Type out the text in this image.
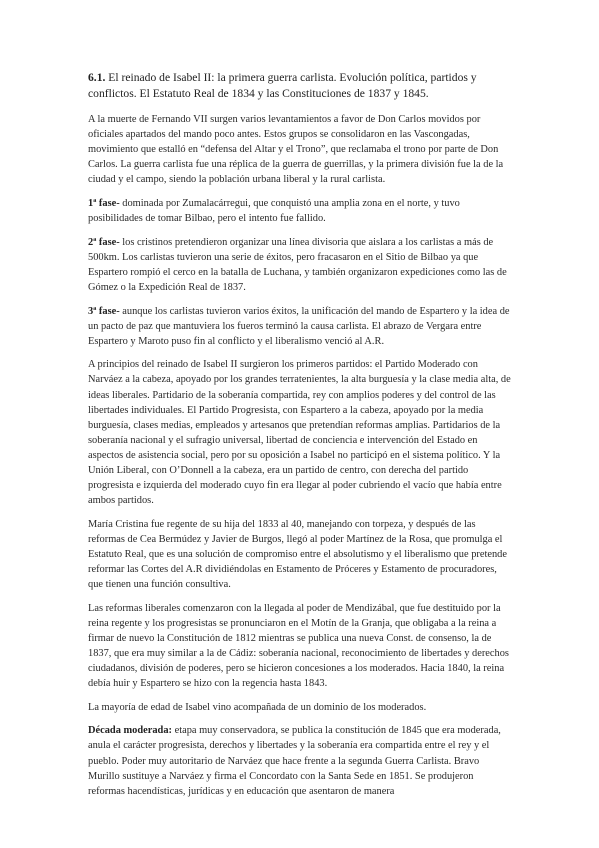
6.1. El reinado de Isabel II: la primera guerra carlista. Evolución política, partidos y conflictos. El Estatuto Real de 1834 y las Constituciones de 1837 y 1845.

A la muerte de Fernando VII surgen varios levantamientos a favor de Don Carlos movidos por oficiales apartados del mando poco antes. Estos grupos se consolidaron en las Vascongadas, movimiento que estalló en “defensa del Altar y el Trono”, que reclamaba el trono por parte de Don Carlos. La guerra carlista fue una réplica de la guerra de guerrillas, y la primera división fue la de la ciudad y el campo, siendo la población urbana liberal y la rural carlista.

1ª fase- dominada por Zumalacárregui, que conquistó una amplia zona en el norte, y tuvo posibilidades de tomar Bilbao, pero el intento fue fallido.

2ª fase- los cristinos pretendieron organizar una línea divisoria que aislara a los carlistas a más de 500km. Los carlistas tuvieron una serie de éxitos, pero fracasaron en el Sitio de Bilbao ya que Espartero rompió el cerco en la batalla de Luchana, y también organizaron expediciones como las de Gómez o la Expedición Real de 1837.

3ª fase- aunque los carlistas tuvieron varios éxitos, la unificación del mando de Espartero y la idea de un pacto de paz que mantuviera los fueros terminó la causa carlista. El abrazo de Vergara entre Espartero y Maroto puso fin al conflicto y el liberalismo venció al A.R.

A principios del reinado de Isabel II surgieron los primeros partidos: el Partido Moderado con Narváez a la cabeza, apoyado por los grandes terratenientes, la alta burguesía y la clase media alta, de ideas liberales. Partidario de la soberanía compartida, rey con amplios poderes y del control de las libertades individuales. El Partido Progresista, con Espartero a la cabeza, apoyado por la media burguesía, clases medias, empleados y artesanos que pretendían reformas amplias. Partidarios de la soberanía nacional y el sufragio universal, libertad de conciencia e intervención del Estado en aspectos de asistencia social, pero por su oposición a Isabel no participó en el sistema político. Y la Unión Liberal, con O’Donnell a la cabeza, era un partido de centro, con derecha del partido progresista e izquierda del moderado cuyo fin era llegar al poder cubriendo el vacío que había entre ambos partidos.

María Cristina fue regente de su hija del 1833 al 40, manejando con torpeza, y después de las reformas de Cea Bermúdez y Javier de Burgos, llegó al poder Martínez de la Rosa, que promulga el Estatuto Real, que es una solución de compromiso entre el absolutismo y el liberalismo que pretende reformar las Cortes del A.R dividiéndolas en Estamento de Próceres y Estamento de procuradores, que tienen una función consultiva.

Las reformas liberales comenzaron con la llegada al poder de Mendizábal, que fue destituido por la reina regente y los progresistas se pronunciaron en el Motín de la Granja, que obligaba a la reina a firmar de nuevo la Constitución de 1812 mientras se publica una nueva Const. de consenso, la de 1837, que era muy similar a la de Cádiz: soberanía nacional, reconocimiento de libertades y derechos ciudadanos, división de poderes, pero se hicieron concesiones a los moderados. Hacia 1840, la reina debía huir y Espartero se hizo con la regencia hasta 1843.

La mayoría de edad de Isabel vino acompañada de un dominio de los moderados.

Década moderada: etapa muy conservadora, se publica la constitución de 1845 que era moderada, anula el carácter progresista, derechos y libertades y la soberanía era compartida entre el rey y el pueblo. Poder muy autoritario de Narváez que hace frente a la segunda Guerra Carlista. Bravo Murillo sustituye a Narváez y firma el Concordato con la Santa Sede en 1851. Se produjeron reformas hacendísticas, jurídicas y en educación que asentaron de manera
